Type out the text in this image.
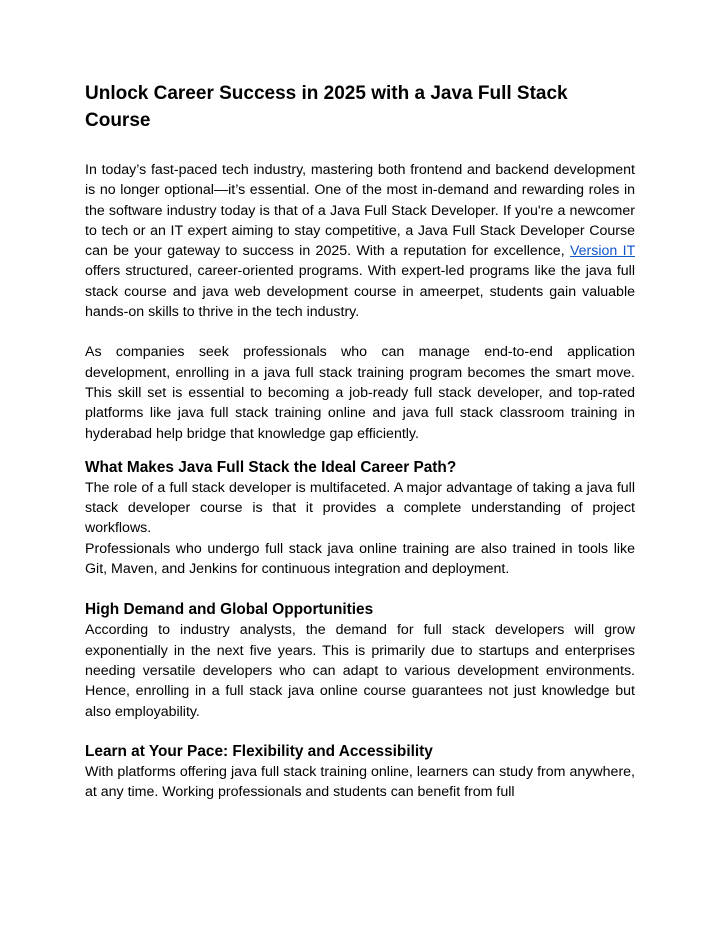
Unlock Career Success in 2025 with a Java Full Stack
Course

In today’s fast-paced tech industry, mastering both frontend and backend development is no longer optional—it’s essential. One of the most in-demand and rewarding roles in the software industry today is that of a Java Full Stack Developer. If you're a newcomer to tech or an IT expert aiming to stay competitive, a Java Full Stack Developer Course can be your gateway to success in 2025. With a reputation for excellence, Version IT offers structured, career-oriented programs. With expert-led programs like the java full stack course and java web development course in ameerpet, students gain valuable hands-on skills to thrive in the tech industry.

As companies seek professionals who can manage end-to-end application development, enrolling in a java full stack training program becomes the smart move. This skill set is essential to becoming a job-ready full stack developer, and top-rated platforms like java full stack training online and java full stack classroom training in hyderabad help bridge that knowledge gap efficiently.

What Makes Java Full Stack the Ideal Career Path?

The role of a full stack developer is multifaceted. A major advantage of taking a java full stack developer course is that it provides a complete understanding of project workflows.

Professionals who undergo full stack java online training are also trained in tools like Git, Maven, and Jenkins for continuous integration and deployment.

High Demand and Global Opportunities

According to industry analysts, the demand for full stack developers will grow exponentially in the next five years. This is primarily due to startups and enterprises needing versatile developers who can adapt to various development environments. Hence, enrolling in a full stack java online course guarantees not just knowledge but also employability.

Learn at Your Pace: Flexibility and Accessibility

With platforms offering java full stack training online, learners can study from anywhere, at any time. Working professionals and students can benefit from full
